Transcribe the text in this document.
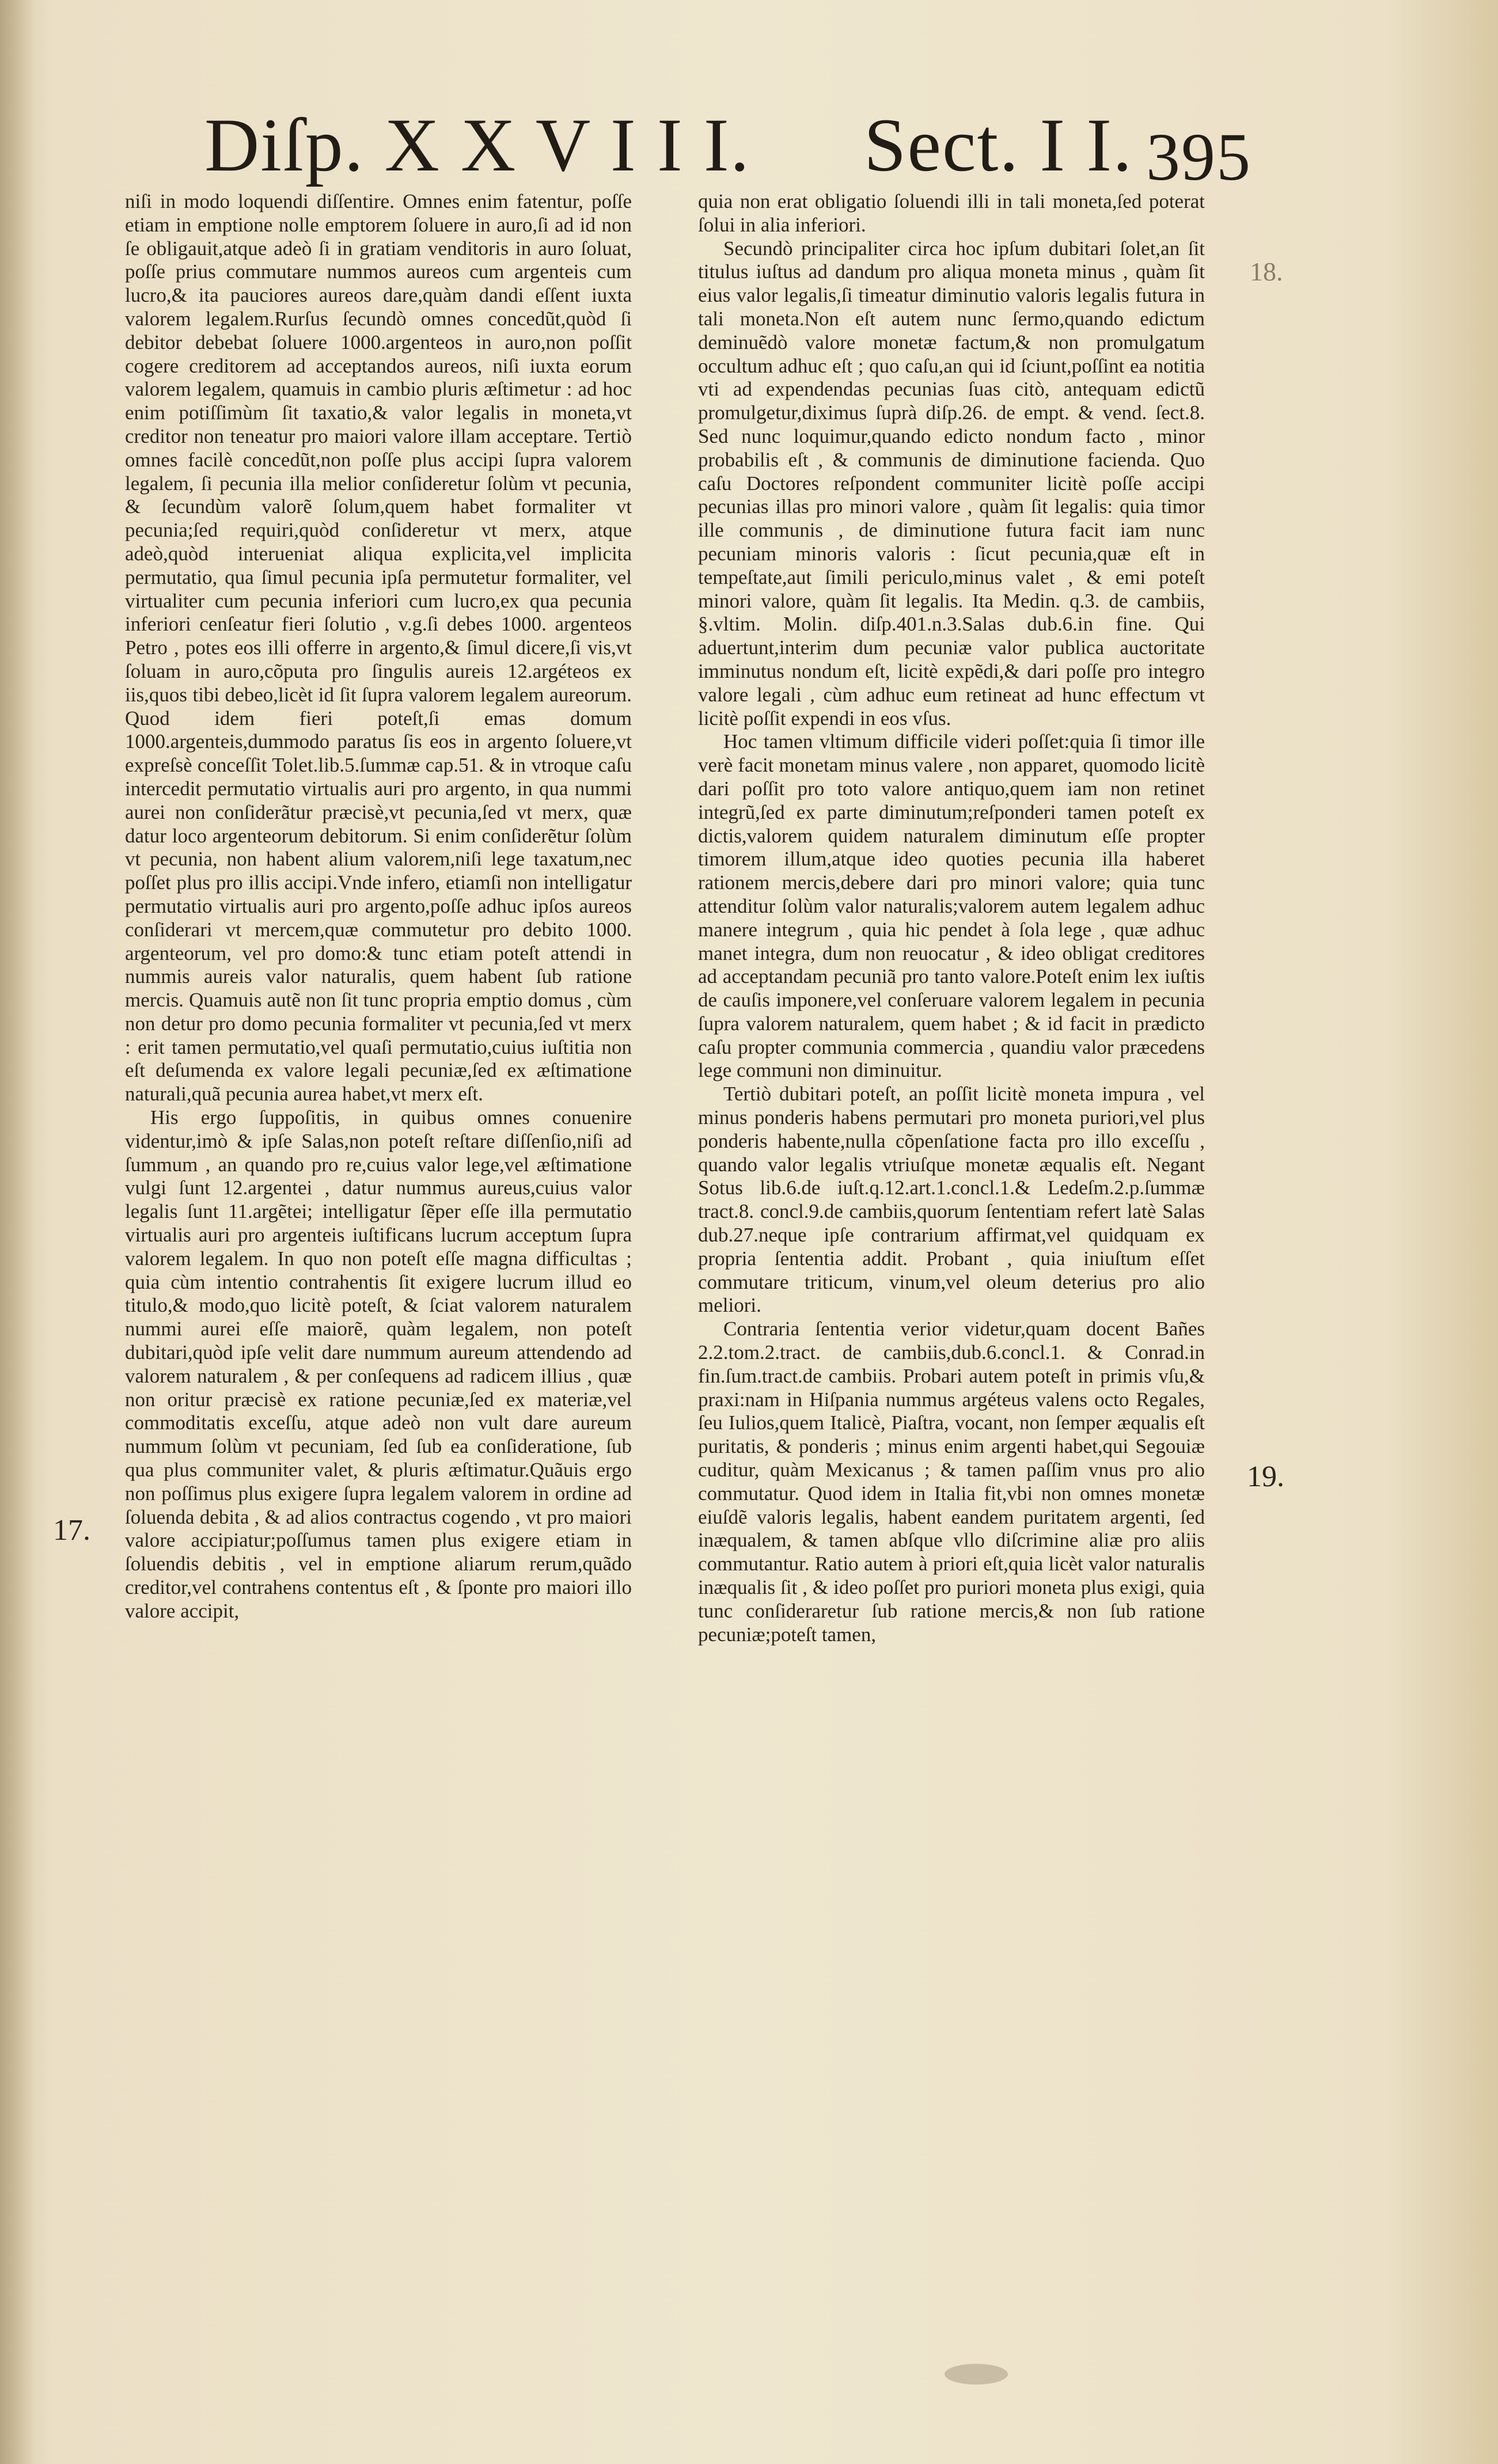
Diſp. X X V I I I. Sect. I I. 395

niſi in modo loquendi diſſentire. Omnes enim fatentur, poſſe etiam in emptione nolle emptorem ſoluere in auro,ſi ad id non ſe obligauit,atque adeò ſi in gratiam venditoris in auro ſoluat, poſſe prius commutare nummos aureos cum argenteis cum lucro,& ita pauciores aureos dare,quàm dandi eſſent iuxta valorem legalem.Rurſus ſecundò omnes concedũt,quòd ſi debitor debebat ſoluere 1000.argenteos in auro,non poſſit cogere creditorem ad acceptandos aureos, niſi iuxta eorum valorem legalem, quamuis in cambio pluris æſtimetur : ad hoc enim potiſſimùm ſit taxatio,& valor legalis in moneta,vt creditor non teneatur pro maiori valore illam acceptare. Tertiò omnes facilè concedũt,non poſſe plus accipi ſupra valorem legalem, ſi pecunia illa melior conſideretur ſolùm vt pecunia, & ſecundùm valorẽ ſolum,quem habet formaliter vt pecunia;ſed requiri,quòd conſideretur vt merx, atque adeò,quòd interueniat aliqua explicita,vel implicita permutatio, qua ſimul pecunia ipſa permutetur formaliter, vel virtualiter cum pecunia inferiori cum lucro,ex qua pecunia inferiori cenſeatur fieri ſolutio , v.g.ſi debes 1000. argenteos Petro , potes eos illi offerre in argento,& ſimul dicere,ſi vis,vt ſoluam in auro,cõputa pro ſingulis aureis 12.argéteos ex iis,quos tibi debeo,licèt id ſit ſupra valorem legalem aureorum. Quod idem fieri poteſt,ſi emas domum 1000.argenteis,dummodo paratus ſis eos in argento ſoluere,vt expreſsè conceſſit Tolet.lib.5.ſummæ cap.51. & in vtroque caſu intercedit permutatio virtualis auri pro argento, in qua nummi aurei non conſiderãtur præcisè,vt pecunia,ſed vt merx, quæ datur loco argenteorum debitorum. Si enim conſiderẽtur ſolùm vt pecunia, non habent alium valorem,niſi lege taxatum,nec poſſet plus pro illis accipi.Vnde infero, etiamſi non intelligatur permutatio virtualis auri pro argento,poſſe adhuc ipſos aureos conſiderari vt mercem,quæ commutetur pro debito 1000. argenteorum, vel pro domo:& tunc etiam poteſt attendi in nummis aureis valor naturalis, quem habent ſub ratione mercis. Quamuis autẽ non ſit tunc propria emptio domus , cùm non detur pro domo pecunia formaliter vt pecunia,ſed vt merx : erit tamen permutatio,vel quaſi permutatio,cuius iuſtitia non eſt deſumenda ex valore legali pecuniæ,ſed ex æſtimatione naturali,quã pecunia aurea habet,vt merx eſt.

His ergo ſuppoſitis, in quibus omnes conuenire videntur,imò & ipſe Salas,non poteſt reſtare diſſenſio,niſi ad ſummum , an quando pro re,cuius valor lege,vel æſtimatione vulgi ſunt 12.argentei , datur nummus aureus,cuius valor legalis ſunt 11.argẽtei; intelligatur ſẽper eſſe illa permutatio virtualis auri pro argenteis iuſtificans lucrum acceptum ſupra valorem legalem. In quo non poteſt eſſe magna difficultas ; quia cùm intentio contrahentis ſit exigere lucrum illud eo titulo,& modo,quo licitè poteſt, & ſciat valorem naturalem nummi aurei eſſe maiorẽ, quàm legalem, non poteſt dubitari,quòd ipſe velit dare nummum aureum attendendo ad valorem naturalem , & per conſequens ad radicem illius , quæ non oritur præcisè ex ratione pecuniæ,ſed ex materiæ,vel commoditatis exceſſu, atque adeò non vult dare aureum nummum ſolùm vt pecuniam, ſed ſub ea conſideratione, ſub qua plus communiter valet, & pluris æſtimatur.Quãuis ergo non poſſimus plus exigere ſupra legalem valorem in ordine ad ſoluenda debita , & ad alios contractus cogendo , vt pro maiori valore accipiatur;poſſumus tamen plus exigere etiam in ſoluendis debitis , vel in emptione aliarum rerum,quãdo creditor,vel contrahens contentus eſt , & ſponte pro maiori illo valore accipit,

quia non erat obligatio ſoluendi illi in tali moneta,ſed poterat ſolui in alia inferiori.

Secundò principaliter circa hoc ipſum dubitari ſolet,an ſit titulus iuſtus ad dandum pro aliqua moneta minus , quàm ſit eius valor legalis,ſi timeatur diminutio valoris legalis futura in tali moneta.Non eſt autem nunc ſermo,quando edictum deminuẽdò valore monetæ factum,& non promulgatum occultum adhuc eſt ; quo caſu,an qui id ſciunt,poſſint ea notitia vti ad expendendas pecunias ſuas citò, antequam edictũ promulgetur,diximus ſuprà diſp.26. de empt. & vend. ſect.8. Sed nunc loquimur,quando edicto nondum facto , minor probabilis eſt , & communis de diminutione facienda. Quo caſu Doctores reſpondent communiter licitè poſſe accipi pecunias illas pro minori valore , quàm ſit legalis: quia timor ille communis , de diminutione futura facit iam nunc pecuniam minoris valoris : ſicut pecunia,quæ eſt in tempeſtate,aut ſimili periculo,minus valet , & emi poteſt minori valore, quàm ſit legalis. Ita Medin. q.3. de cambiis, §.vltim. Molin. diſp.401.n.3.Salas dub.6.in fine. Qui aduertunt,interim dum pecuniæ valor publica auctoritate imminutus nondum eſt, licitè expẽdi,& dari poſſe pro integro valore legali , cùm adhuc eum retineat ad hunc effectum vt licitè poſſit expendi in eos vſus.

Hoc tamen vltimum difficile videri poſſet:quia ſi timor ille verè facit monetam minus valere , non apparet, quomodo licitè dari poſſit pro toto valore antiquo,quem iam non retinet integrũ,ſed ex parte diminutum;reſponderi tamen poteſt ex dictis,valorem quidem naturalem diminutum eſſe propter timorem illum,atque ideo quoties pecunia illa haberet rationem mercis,debere dari pro minori valore; quia tunc attenditur ſolùm valor naturalis;valorem autem legalem adhuc manere integrum , quia hic pendet à ſola lege , quæ adhuc manet integra, dum non reuocatur , & ideo obligat creditores ad acceptandam pecuniã pro tanto valore.Poteſt enim lex iuſtis de cauſis imponere,vel conſeruare valorem legalem in pecunia ſupra valorem naturalem, quem habet ; & id facit in prædicto caſu propter communia commercia , quandiu valor præcedens lege communi non diminuitur.

Tertiò dubitari poteſt, an poſſit licitè moneta impura , vel minus ponderis habens permutari pro moneta puriori,vel plus ponderis habente,nulla cõpenſatione facta pro illo exceſſu , quando valor legalis vtriuſque monetæ æqualis eſt. Negant Sotus lib.6.de iuſt.q.12.art.1.concl.1.& Ledeſm.2.p.ſummæ tract.8. concl.9.de cambiis,quorum ſententiam refert latè Salas dub.27.neque ipſe contrarium affirmat,vel quidquam ex propria ſententia addit. Probant , quia iniuſtum eſſet commutare triticum, vinum,vel oleum deterius pro alio meliori.

Contraria ſententia verior videtur,quam docent Bañes 2.2.tom.2.tract. de cambiis,dub.6.concl.1. & Conrad.in fin.ſum.tract.de cambiis. Probari autem poteſt in primis vſu,& praxi:nam in Hiſpania nummus argéteus valens octo Regales, ſeu Iulios,quem Italicè, Piaſtra, vocant, non ſemper æqualis eſt puritatis, & ponderis ; minus enim argenti habet,qui Segouiæ cuditur, quàm Mexicanus ; & tamen paſſim vnus pro alio commutatur. Quod idem in Italia fit,vbi non omnes monetæ eiuſdẽ valoris legalis, habent eandem puritatem argenti, ſed inæqualem, & tamen abſque vllo diſcrimine aliæ pro aliis commutantur. Ratio autem à priori eſt,quia licèt valor naturalis inæqualis ſit , & ideo poſſet pro puriori moneta plus exigi, quia tunc conſideraretur ſub ratione mercis,& non ſub ratione pecuniæ;poteſt tamen,

17.
18.
19.
